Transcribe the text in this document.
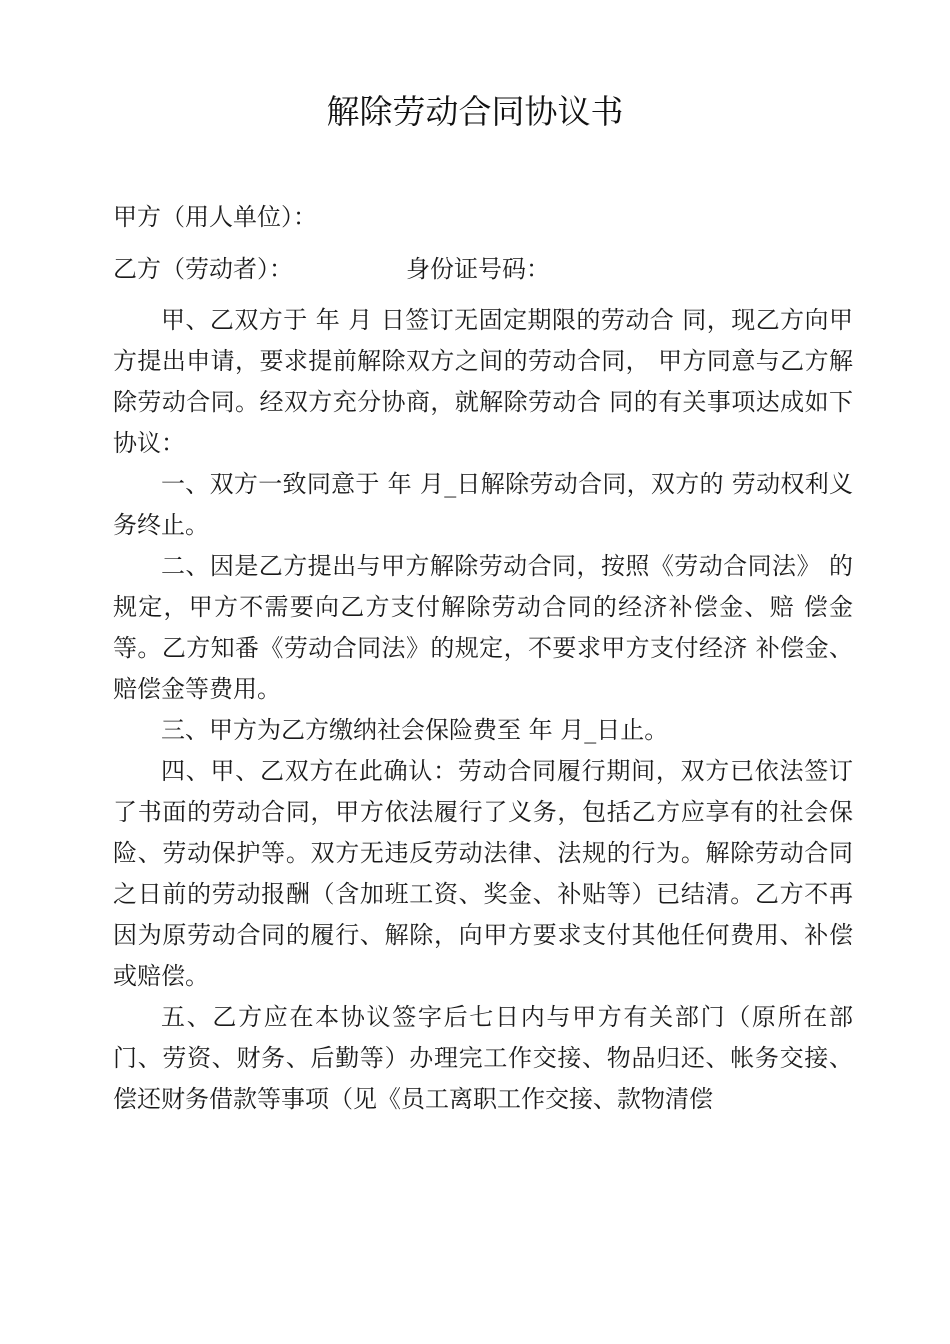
解除劳动合同协议书
甲方（用人单位）：
乙方（劳动者）：	身份证号码：

甲、乙双方于 年 月 日签订无固定期限的劳动合 同，现乙方向甲方提出申请，要求提前解除双方之间的劳动合同， 甲方同意与乙方解除劳动合同。经双方充分协商，就解除劳动合 同的有关事项达成如下协议：

一、双方一致同意于 年 月_日解除劳动合同，双方的 劳动权利义务终止。

二、因是乙方提出与甲方解除劳动合同，按照《劳动合同法》 的规定，甲方不需要向乙方支付解除劳动合同的经济补偿金、赔 偿金等。乙方知番《劳动合同法》的规定，不要求甲方支付经济 补偿金、赔偿金等费用。

三、甲方为乙方缴纳社会保险费至 年 月_日止。

四、甲、乙双方在此确认：劳动合同履行期间，双方已依法签订了书面的劳动合同，甲方依法履行了义务，包括乙方应享有的社会保险、劳动保护等。双方无违反劳动法律、法规的行为。解除劳动合同之日前的劳动报酬（含加班工资、奖金、补贴等）已结清。乙方不再因为原劳动合同的履行、解除，向甲方要求支付其他任何费用、补偿或赔偿。

五、乙方应在本协议签字后七日内与甲方有关部门（原所在部门、劳资、财务、后勤等）办理完工作交接、物品归还、帐务交接、偿还财务借款等事项（见《员工离职工作交接、款物清偿
